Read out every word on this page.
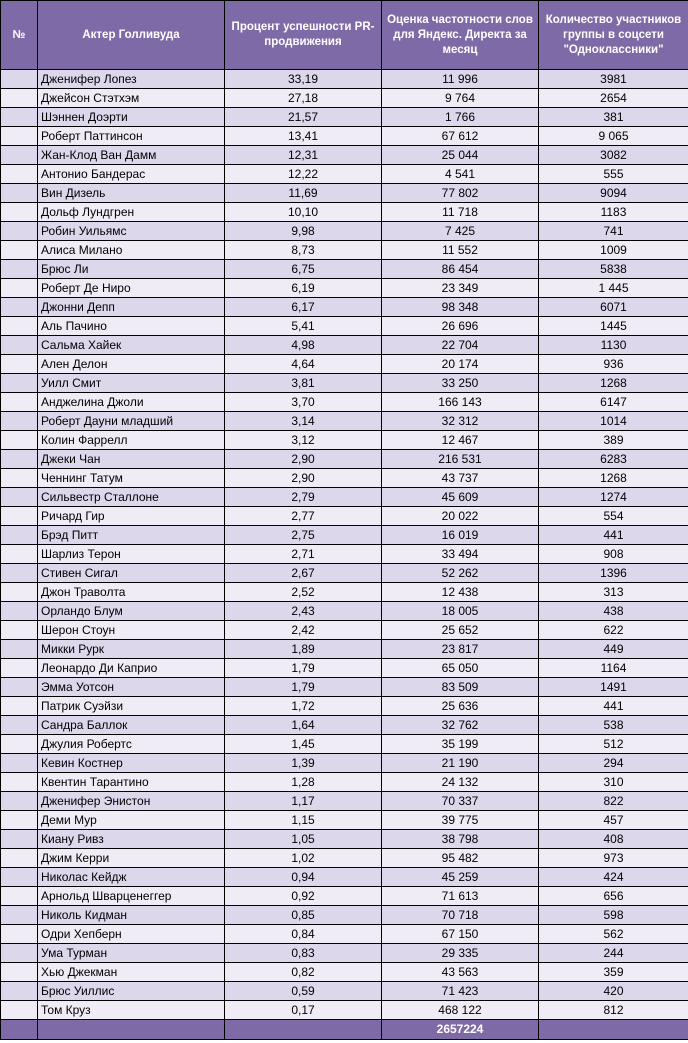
№	Актер Голливуда	Процент успешности PR-продвижения	Оценка частотности слов для Яндекс. Директа за месяц	Количество участников группы в соцсети "Одноклассники"
	Дженифер Лопез	33,19	11 996	3981
	Джейсон Стэтхэм	27,18	9 764	2654
	Шэннен Доэрти	21,57	1 766	381
	Роберт Паттинсон	13,41	67 612	9 065
	Жан-Клод Ван Дамм	12,31	25 044	3082
	Антонио Бандерас	12,22	4 541	555
	Вин Дизель	11,69	77 802	9094
	Дольф Лундгрен	10,10	11 718	1183
	Робин Уильямс	9,98	7 425	741
	Алиса Милано	8,73	11 552	1009
	Брюс Ли	6,75	86 454	5838
	Роберт Де Ниро	6,19	23 349	1 445
	Джонни Депп	6,17	98 348	6071
	Аль Пачино	5,41	26 696	1445
	Сальма Хайек	4,98	22 704	1130
	Ален Делон	4,64	20 174	936
	Уилл Смит	3,81	33 250	1268
	Анджелина Джоли	3,70	166 143	6147
	Роберт Дауни младший	3,14	32 312	1014
	Колин Фаррелл	3,12	12 467	389
	Джеки Чан	2,90	216 531	6283
	Ченнинг Татум	2,90	43 737	1268
	Сильвестр Сталлоне	2,79	45 609	1274
	Ричард Гир	2,77	20 022	554
	Брэд Питт	2,75	16 019	441
	Шарлиз Терон	2,71	33 494	908
	Стивен Сигал	2,67	52 262	1396
	Джон Траволта	2,52	12 438	313
	Орландо Блум	2,43	18 005	438
	Шерон Стоун	2,42	25 652	622
	Микки Рурк	1,89	23 817	449
	Леонардо Ди Каприо	1,79	65 050	1164
	Эмма Уотсон	1,79	83 509	1491
	Патрик Суэйзи	1,72	25 636	441
	Сандра Баллок	1,64	32 762	538
	Джулия Робертс	1,45	35 199	512
	Кевин Костнер	1,39	21 190	294
	Квентин Тарантино	1,28	24 132	310
	Дженифер Энистон	1,17	70 337	822
	Деми Мур	1,15	39 775	457
	Киану Ривз	1,05	38 798	408
	Джим Керри	1,02	95 482	973
	Николас Кейдж	0,94	45 259	424
	Арнольд Шварценеггер	0,92	71 613	656
	Николь Кидман	0,85	70 718	598
	Одри Хепберн	0,84	67 150	562
	Ума Турман	0,83	29 335	244
	Хью Джекман	0,82	43 563	359
	Брюс Уиллис	0,59	71 423	420
	Том Круз	0,17	468 122	812
			2657224	
